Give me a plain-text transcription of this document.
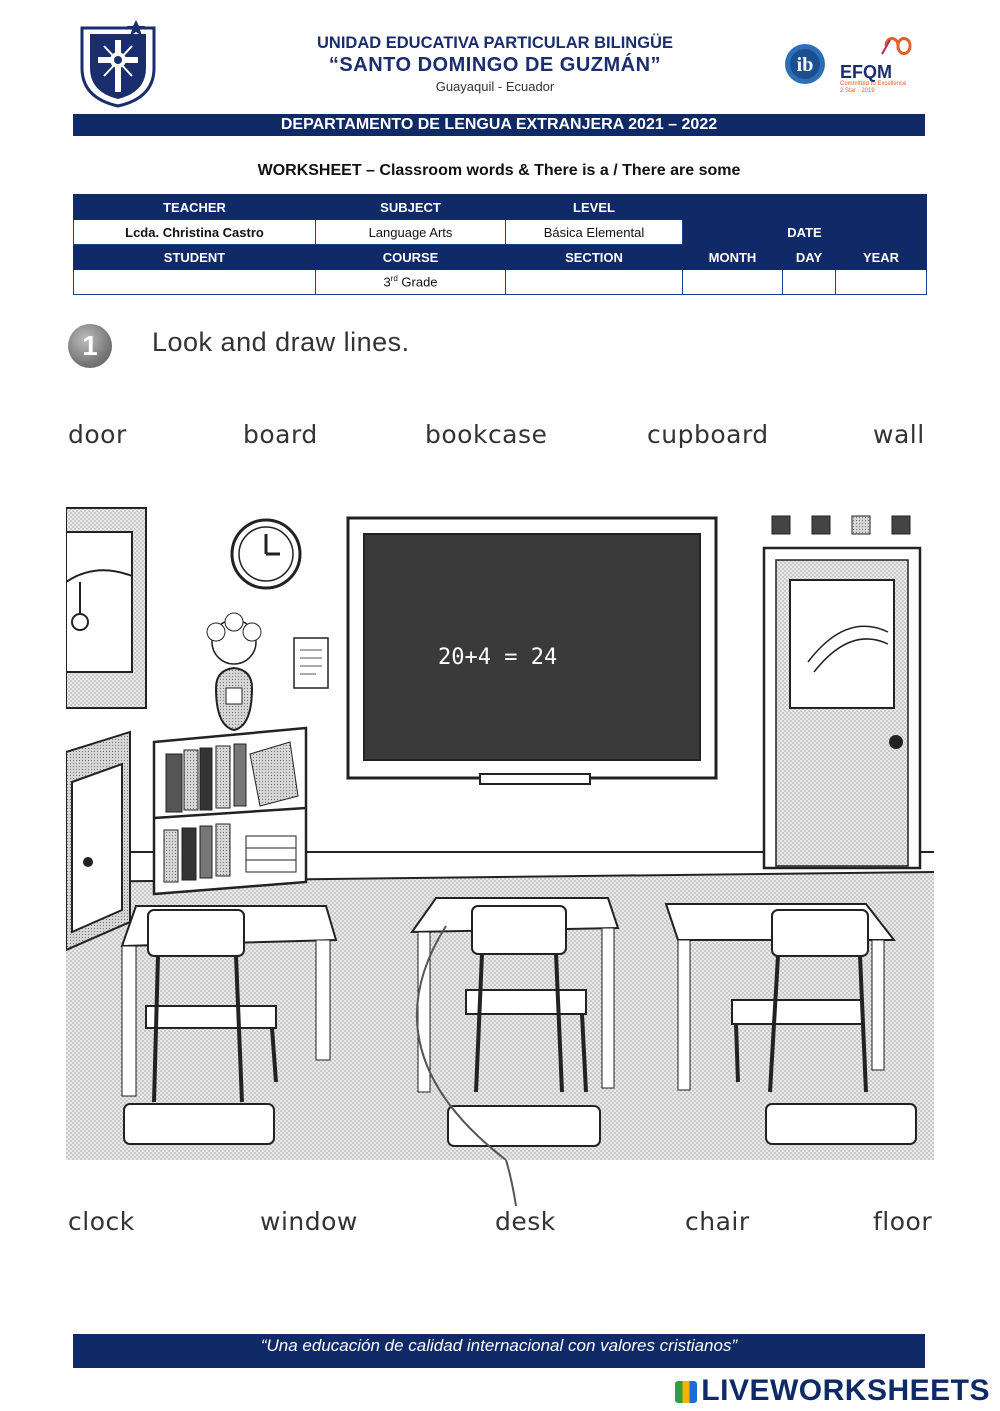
UNIDAD EDUCATIVA PARTICULAR BILINGÜE
“SANTO DOMINGO DE GUZMÁN”
Guayaquil - Ecuador
ib EFQM
Committed to Excellence
2 Star · 2019
DEPARTAMENTO DE LENGUA EXTRANJERA 2021 – 2022
WORKSHEET – Classroom words & There is a / There are some
TEACHER	SUBJECT	LEVEL			
Lcda. Christina Castro	Language Arts	Básica Elemental	DATE		
STUDENT	COURSE	SECTION	MONTH	DAY	YEAR
	3rd Grade				
1	Look and draw lines.
door	board	bookcase	cupboard	wall
20+4 = 24
clock	window	desk	chair	floor
“Una educación de calidad internacional con valores cristianos”
LIVEWORKSHEETS
